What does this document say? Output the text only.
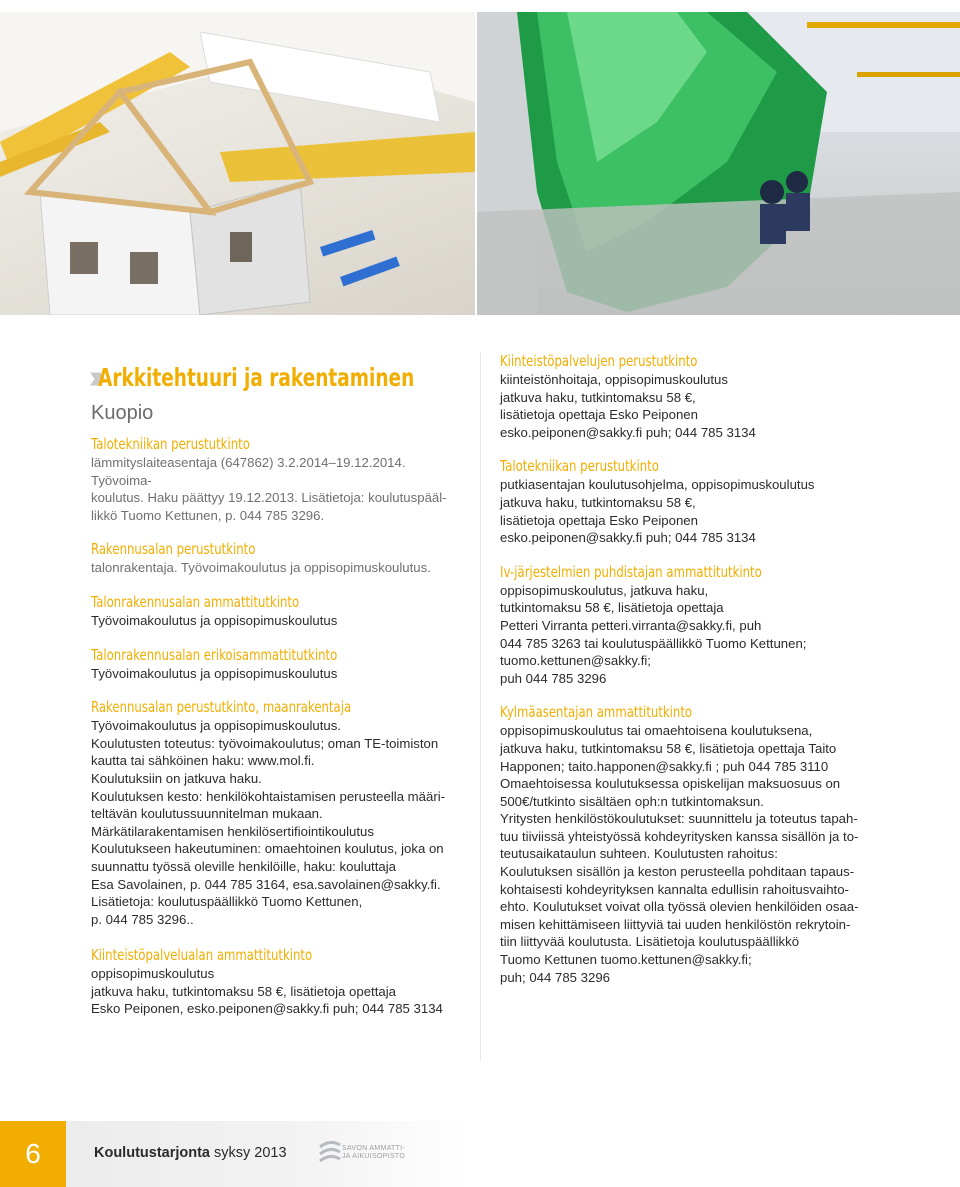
››› Arkkitehtuuri ja rakentaminen
Kuopio
Talotekniikan perustutkinto
lämmityslaiteasentaja (647862) 3.2.2014–19.12.2014. Työvoima-
koulutus. Haku päättyy 19.12.2013. Lisätietoja: koulutuspääl-
likkö Tuomo Kettunen, p. 044 785 3296.
Rakennusalan perustutkinto
talonrakentaja. Työvoimakoulutus ja oppisopimuskoulutus.
Talonrakennusalan ammattitutkinto
Työvoimakoulutus ja oppisopimuskoulutus
Talonrakennusalan erikoisammattitutkinto
Työvoimakoulutus ja oppisopimuskoulutus
Rakennusalan perustutkinto, maanrakentaja
Työvoimakoulutus ja oppisopimuskoulutus.
Koulutusten toteutus: työvoimakoulutus; oman TE-toimiston
kautta tai sähköinen haku: www.mol.fi.
Koulutuksiin on jatkuva haku.
Koulutuksen kesto: henkilökohtaistamisen perusteella määri-
teltävän koulutussuunnitelman mukaan.
Märkätilarakentamisen henkilösertifiointikoulutus
Koulutukseen hakeutuminen: omaehtoinen koulutus, joka on
suunnattu työssä oleville henkilöille, haku: kouluttaja
Esa Savolainen, p. 044 785 3164, esa.savolainen@sakky.fi.
Lisätietoja: koulutuspäällikkö Tuomo Kettunen,
p. 044 785 3296..
Kiinteistöpalvelualan ammattitutkinto
oppisopimuskoulutus
jatkuva haku, tutkintomaksu 58 €, lisätietoja opettaja
Esko Peiponen, esko.peiponen@sakky.fi puh; 044 785 3134
Kiinteistöpalvelujen perustutkinto
kiinteistönhoitaja, oppisopimuskoulutus
jatkuva haku, tutkintomaksu 58 €,
lisätietoja opettaja Esko Peiponen
esko.peiponen@sakky.fi puh; 044 785 3134
Talotekniikan perustutkinto
putkiasentajan koulutusohjelma, oppisopimuskoulutus
jatkuva haku, tutkintomaksu 58 €,
lisätietoja opettaja Esko Peiponen
esko.peiponen@sakky.fi puh; 044 785 3134
Iv-järjestelmien puhdistajan ammattitutkinto
oppisopimuskoulutus, jatkuva haku,
tutkintomaksu 58 €, lisätietoja opettaja
Petteri Virranta petteri.virranta@sakky.fi, puh
044 785 3263 tai koulutuspäällikkö Tuomo Kettunen;
tuomo.kettunen@sakky.fi;
puh 044 785 3296
Kylmäasentajan ammattitutkinto
oppisopimuskoulutus tai omaehtoisena koulutuksena,
jatkuva haku, tutkintomaksu 58 €, lisätietoja opettaja Taito
Happonen; taito.happonen@sakky.fi ; puh 044 785 3110
Omaehtoisessa koulutuksessa opiskelijan maksuosuus on
500€/tutkinto sisältäen oph:n tutkintomaksun.
Yritysten henkilöstökoulutukset: suunnittelu ja toteutus tapah-
tuu tiiviissä yhteistyössä kohdeyritysken kanssa sisällön ja to-
teutusaikataulun suhteen. Koulutusten rahoitus:
Koulutuksen sisällön ja keston perusteella pohditaan tapaus-
kohtaisesti kohdeyrityksen kannalta edullisin rahoitusvaihto-
ehto. Koulutukset voivat olla työssä olevien henkilöiden osaa-
misen kehittämiseen liittyviä tai uuden henkilöstön rekrytoin-
tiin liittyvää koulutusta. Lisätietoja koulutuspäällikkö
Tuomo Kettunen tuomo.kettunen@sakky.fi;
puh; 044 785 3296
6	Koulutustarjonta syksy 2013	SAVON AMMATTI-
JA AIKUISOPISTO
